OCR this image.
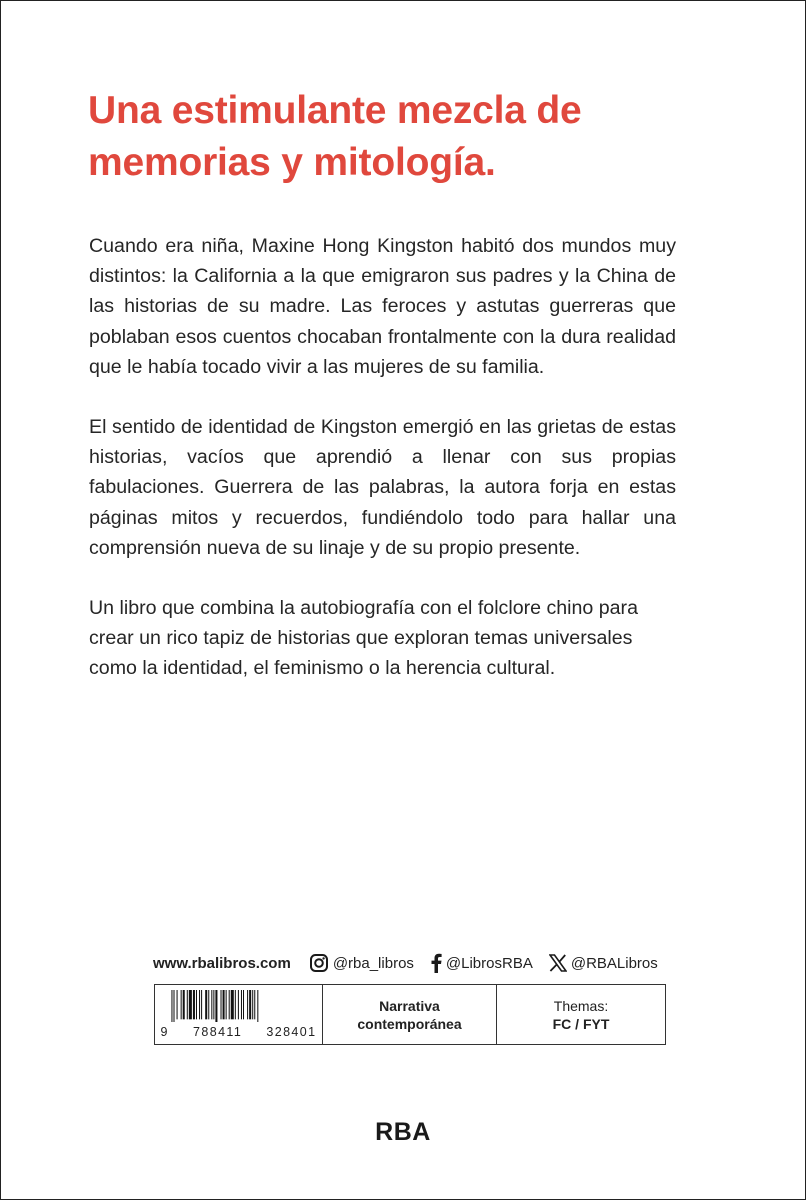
Una estimulante mezcla de
memorias y mitología.

Cuando era niña, Maxine Hong Kingston habitó dos mundos muy distintos: la California a la que emigraron sus padres y la China de las historias de su madre. Las feroces y astutas guerreras que poblaban esos cuentos chocaban frontalmente con la dura realidad que le había tocado vivir a las mujeres de su familia.

El sentido de identidad de Kingston emergió en las grietas de estas historias, vacíos que aprendió a llenar con sus propias fabulaciones. Guerrera de las palabras, la autora forja en estas páginas mitos y recuerdos, fundiéndolo todo para hallar una comprensión nueva de su linaje y de su propio presente.

Un libro que combina la autobiografía con el folclore chino para crear un rico tapiz de historias que exploran temas universales como la identidad, el feminismo o la herencia cultural.

www.rbalibros.com	@rba_libros @LibrosRBA	@RBALibros
9 788411 328401
Narrativa
contemporánea
Themas:
FC / FYT
RBA
